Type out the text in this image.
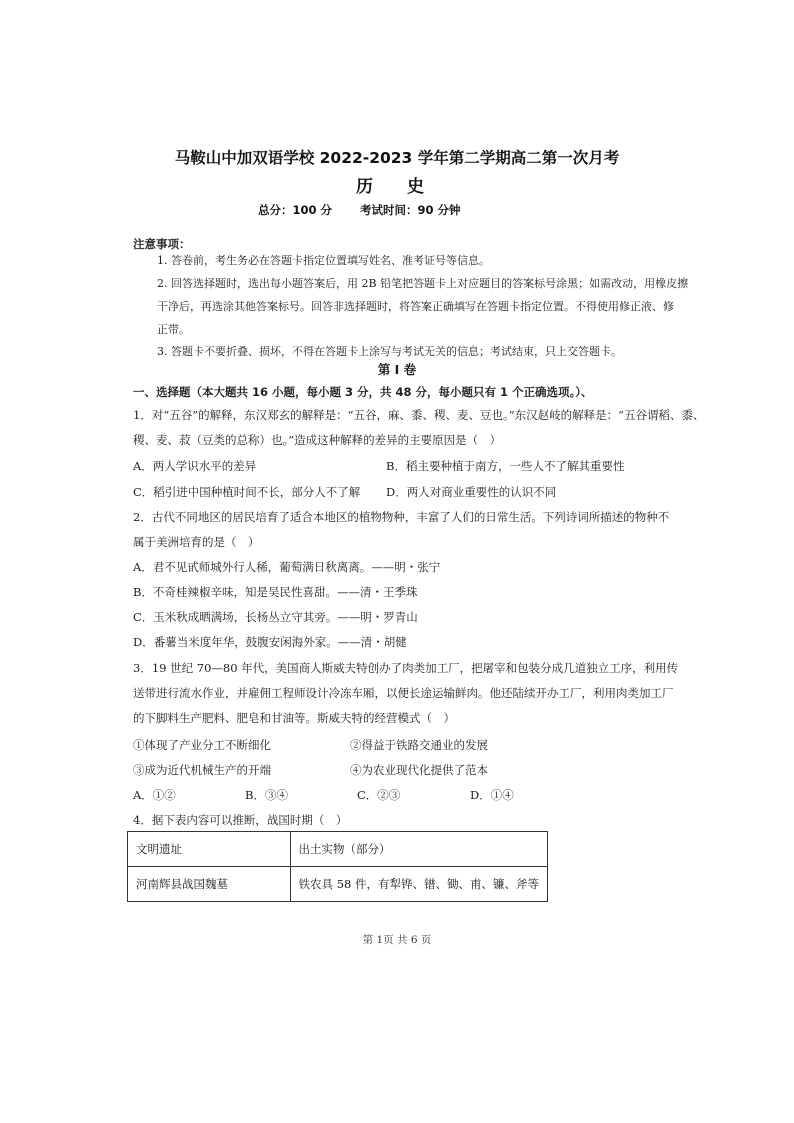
马鞍山中加双语学校 2022-2023 学年第二学期高二第一次月考
历 史
总分：100 分 考试时间：90 分钟
注意事项：
1. 答卷前，考生务必在答题卡指定位置填写姓名、准考证号等信息。
2. 回答选择题时，选出每小题答案后，用 2B 铅笔把答题卡上对应题目的答案标号涂黑；如需改动，用橡皮擦
干净后，再选涂其他答案标号。回答非选择题时，将答案正确填写在答题卡指定位置。不得使用修正液、修
正带。
3. 答题卡不要折叠、损坏，不得在答题卡上涂写与考试无关的信息；考试结束，只上交答题卡。
第 I 卷
一、选择题（本大题共 16 小题，每小题 3 分，共 48 分，每小题只有 1 个正确选项。）、
1．对“五谷”的解释，东汉郑玄的解释是：“五谷，麻、黍、稷、麦、豆也。”东汉赵岐的解释是：“五谷谓稻、黍、
稷、麦、菽（豆类的总称）也。”造成这种解释的差异的主要原因是（　）
A．两人学识水平的差异	B．稻主要种植于南方，一些人不了解其重要性
C．稻引进中国种植时间不长，部分人不了解 D．两人对商业重要性的认识不同
2．古代不同地区的居民培育了适合本地区的植物物种，丰富了人们的日常生活。下列诗词所描述的物种不
属于美洲培育的是（　）
A．君不见甙师城外行人稀，葡萄满日秋离离。——明・张宁
B．不奇桂辣椒辛味，知是吴民性喜甜。——清・王季珠
C．玉米秋成晒满场，长杨丛立守其旁。——明・罗青山
D．番薯当米度年华，鼓腹安闲海外家。——清・胡健
3．19 世纪 70—80 年代，美国商人斯威夫特创办了肉类加工厂，把屠宰和包装分成几道独立工序，利用传
送带进行流水作业，并雇佣工程师设计冷冻车厢，以便长途运输鲜肉。他还陆续开办工厂，利用肉类加工厂
的下脚料生产肥料、肥皂和甘油等。斯威夫特的经营模式（　）
①体现了产业分工不断细化	②得益于铁路交通业的发展
③成为近代机械生产的开端	④为农业现代化提供了范本
A．①②	B．③④	C．②③	D．①④
4．据下表内容可以推断，战国时期（　）
文明遗址	出土实物（部分）
河南辉县战国魏墓	铁农具 58 件，有犁铧、镨、锄、甫、镰、斧等
第 1页 共 6 页
